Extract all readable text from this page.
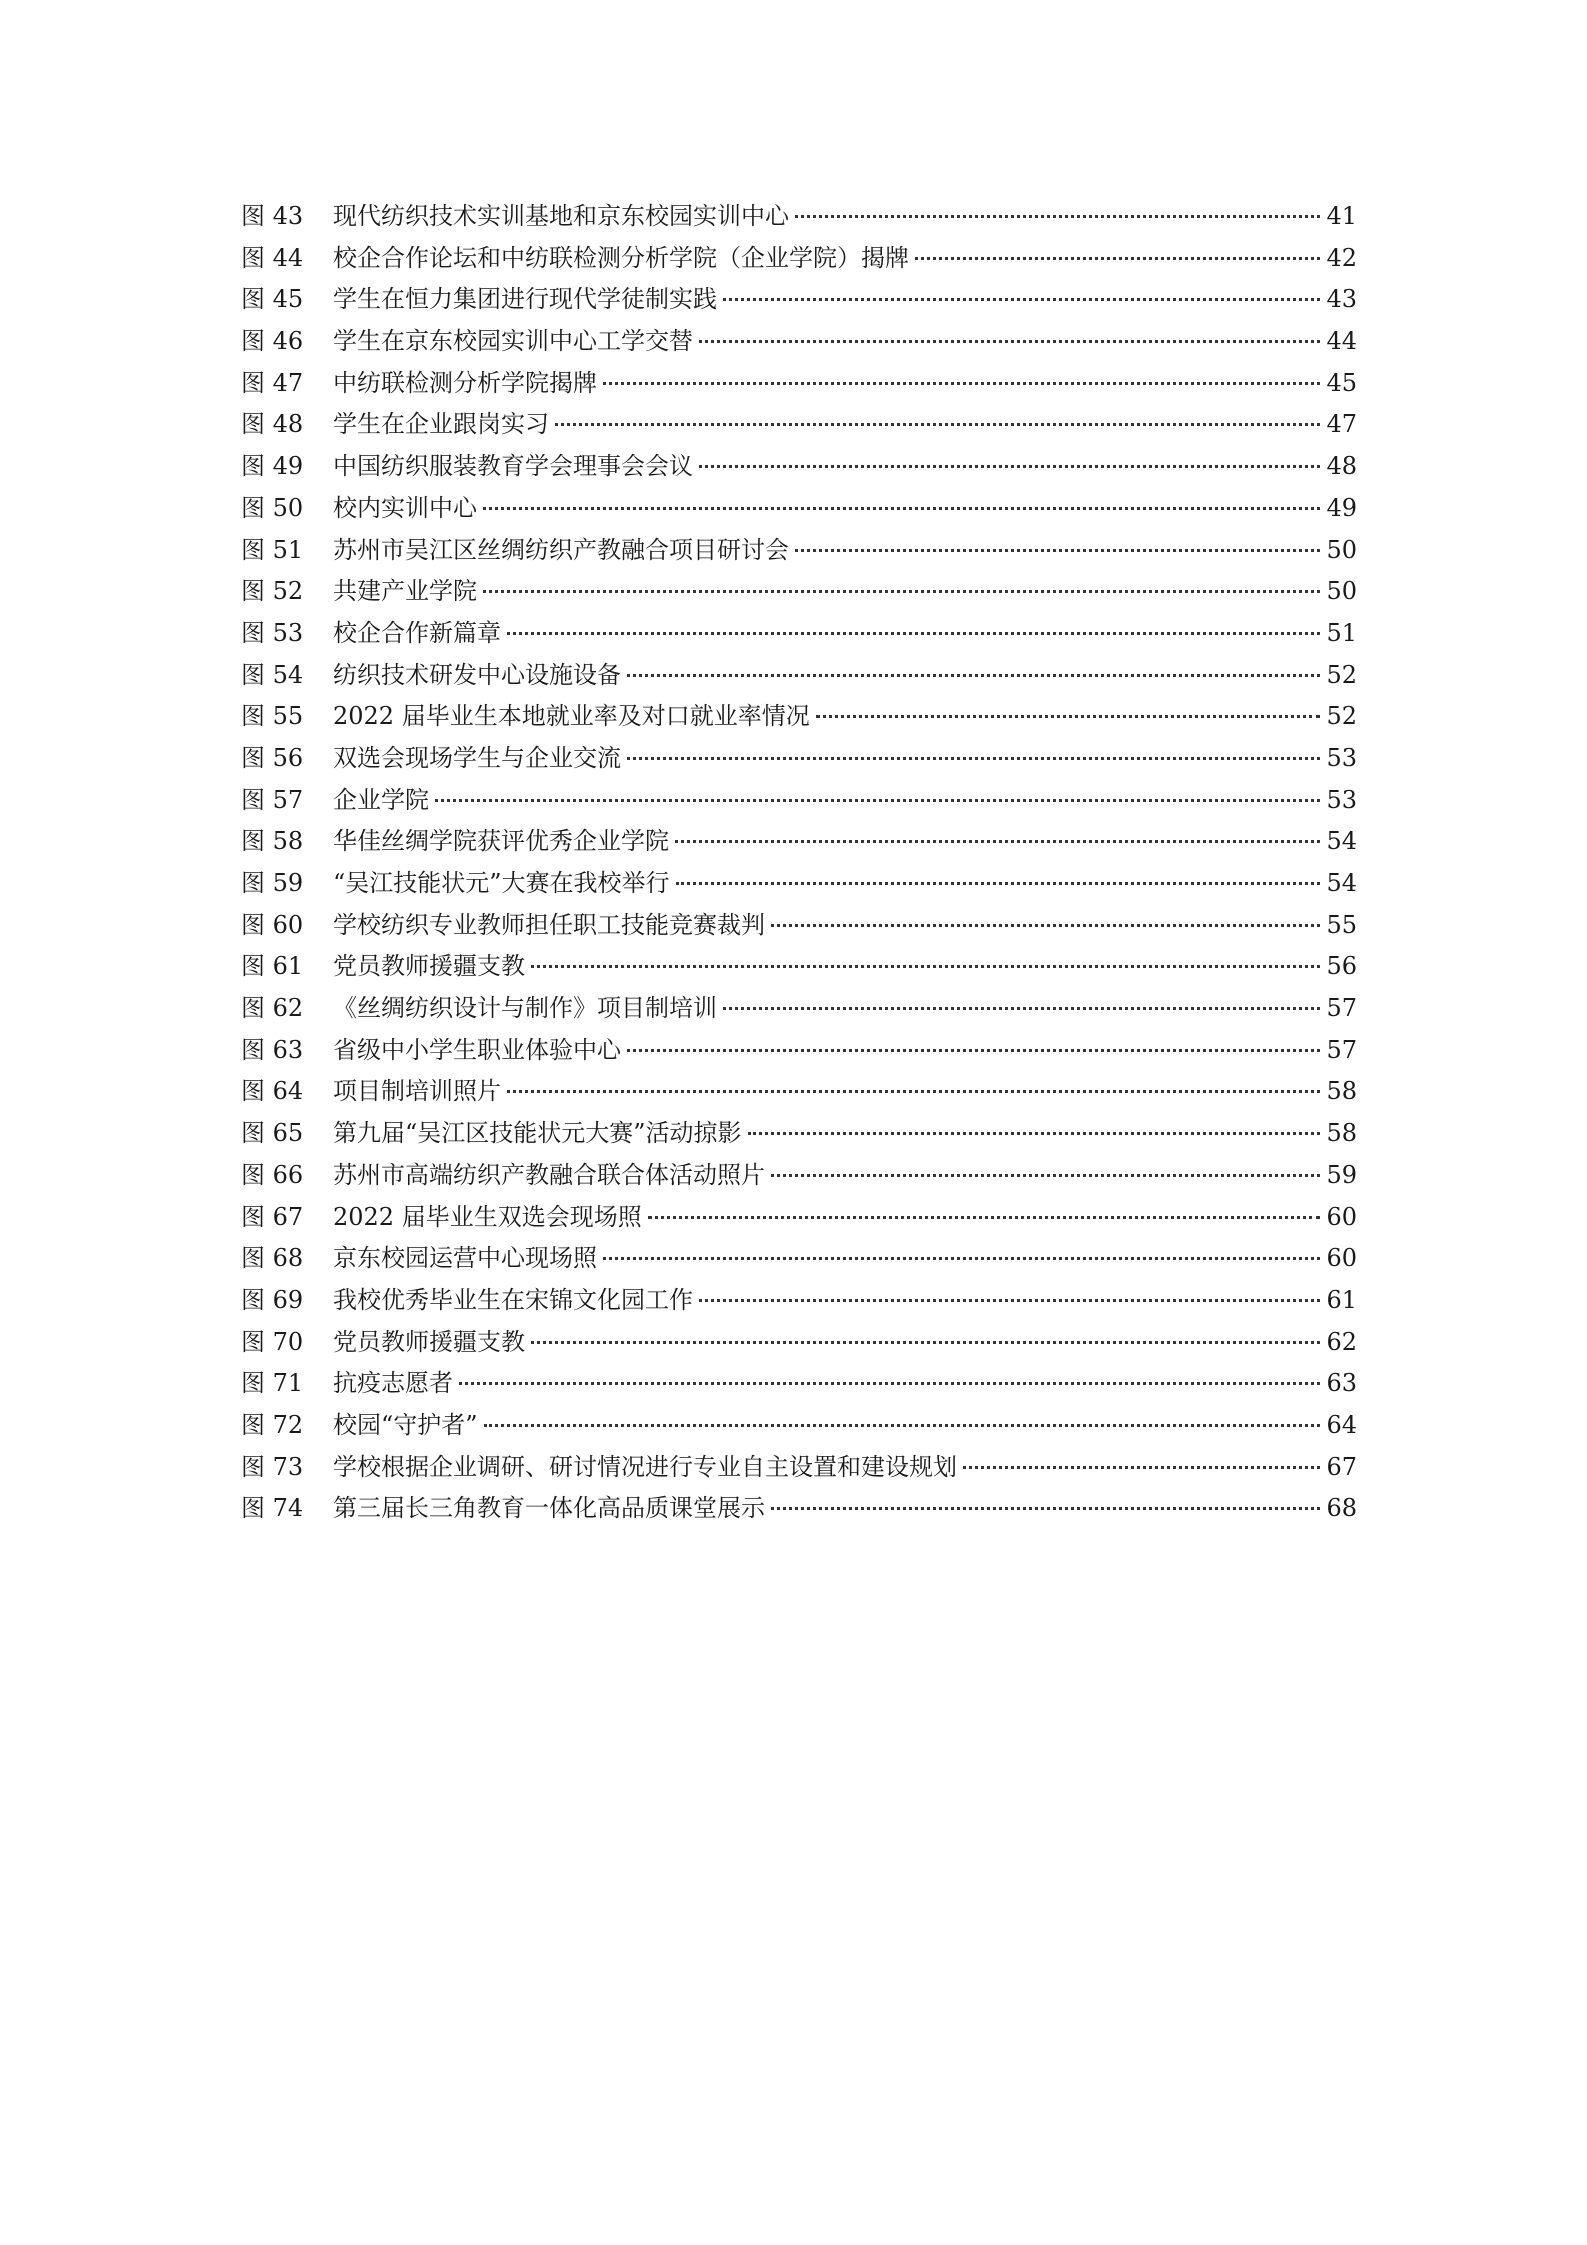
图 43	现代纺织技术实训基地和京东校园实训中心	41
图 44	校企合作论坛和中纺联检测分析学院（企业学院）揭牌	42
图 45	学生在恒力集团进行现代学徒制实践	43
图 46	学生在京东校园实训中心工学交替	44
图 47	中纺联检测分析学院揭牌	45
图 48	学生在企业跟岗实习	47
图 49	中国纺织服装教育学会理事会会议	48
图 50	校内实训中心	49
图 51	苏州市吴江区丝绸纺织产教融合项目研讨会	50
图 52	共建产业学院	50
图 53	校企合作新篇章	51
图 54	纺织技术研发中心设施设备	52
图 55	2022 届毕业生本地就业率及对口就业率情况	52
图 56	双选会现场学生与企业交流	53
图 57	企业学院	53
图 58	华佳丝绸学院获评优秀企业学院	54
图 59	“吴江技能状元”大赛在我校举行	54
图 60	学校纺织专业教师担任职工技能竞赛裁判	55
图 61	党员教师援疆支教	56
图 62	《丝绸纺织设计与制作》项目制培训	57
图 63	省级中小学生职业体验中心	57
图 64	项目制培训照片	58
图 65	第九届“吴江区技能状元大赛”活动掠影	58
图 66	苏州市高端纺织产教融合联合体活动照片	59
图 67	2022 届毕业生双选会现场照	60
图 68	京东校园运营中心现场照	60
图 69	我校优秀毕业生在宋锦文化园工作	61
图 70	党员教师援疆支教	62
图 71	抗疫志愿者	63
图 72	校园“守护者”	64
图 73	学校根据企业调研、研讨情况进行专业自主设置和建设规划	67
图 74	第三届长三角教育一体化高品质课堂展示	68
